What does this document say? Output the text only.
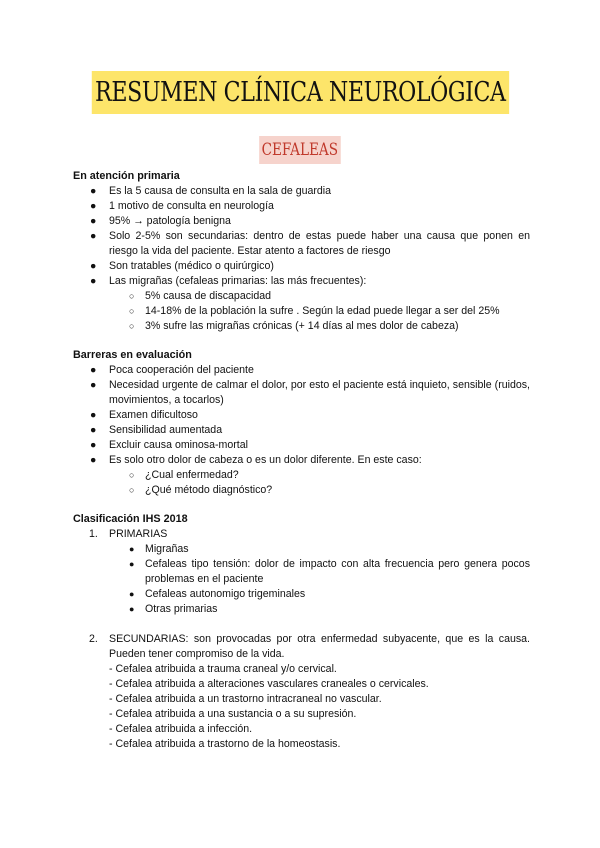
RESUMEN CLÍNICA NEUROLÓGICA
CEFALEAS
En atención primaria
● Es la 5 causa de consulta en la sala de guardia
● 1 motivo de consulta en neurología
● 95% → patología benigna
● Solo 2-5% son secundarias: dentro de estas puede haber una causa que ponen en riesgo la vida del paciente. Estar atento a factores de riesgo
● Son tratables (médico o quirúrgico)
● Las migrañas (cefaleas primarias: las más frecuentes):
○ 5% causa de discapacidad
○ 14-18% de la población la sufre . Según la edad puede llegar a ser del 25%
○ 3% sufre las migrañas crónicas (+ 14 días al mes dolor de cabeza)
Barreras en evaluación
● Poca cooperación del paciente
● Necesidad urgente de calmar el dolor, por esto el paciente está inquieto, sensible (ruidos, movimientos, a tocarlos)
● Examen dificultoso
● Sensibilidad aumentada
● Excluir causa ominosa-mortal
● Es solo otro dolor de cabeza o es un dolor diferente. En este caso:
○ ¿Cual enfermedad?
○ ¿Qué método diagnóstico?
Clasificación IHS 2018
1. PRIMARIAS
● Migrañas
● Cefaleas tipo tensión: dolor de impacto con alta frecuencia pero genera pocos problemas en el paciente
● Cefaleas autonomigo trigeminales
● Otras primarias
2. SECUNDARIAS: son provocadas por otra enfermedad subyacente, que es la causa. Pueden tener compromiso de la vida.
- Cefalea atribuida a trauma craneal y/o cervical.
- Cefalea atribuida a alteraciones vasculares craneales o cervicales.
- Cefalea atribuida a un trastorno intracraneal no vascular.
- Cefalea atribuida a una sustancia o a su supresión.
- Cefalea atribuida a infección.
- Cefalea atribuida a trastorno de la homeostasis.
